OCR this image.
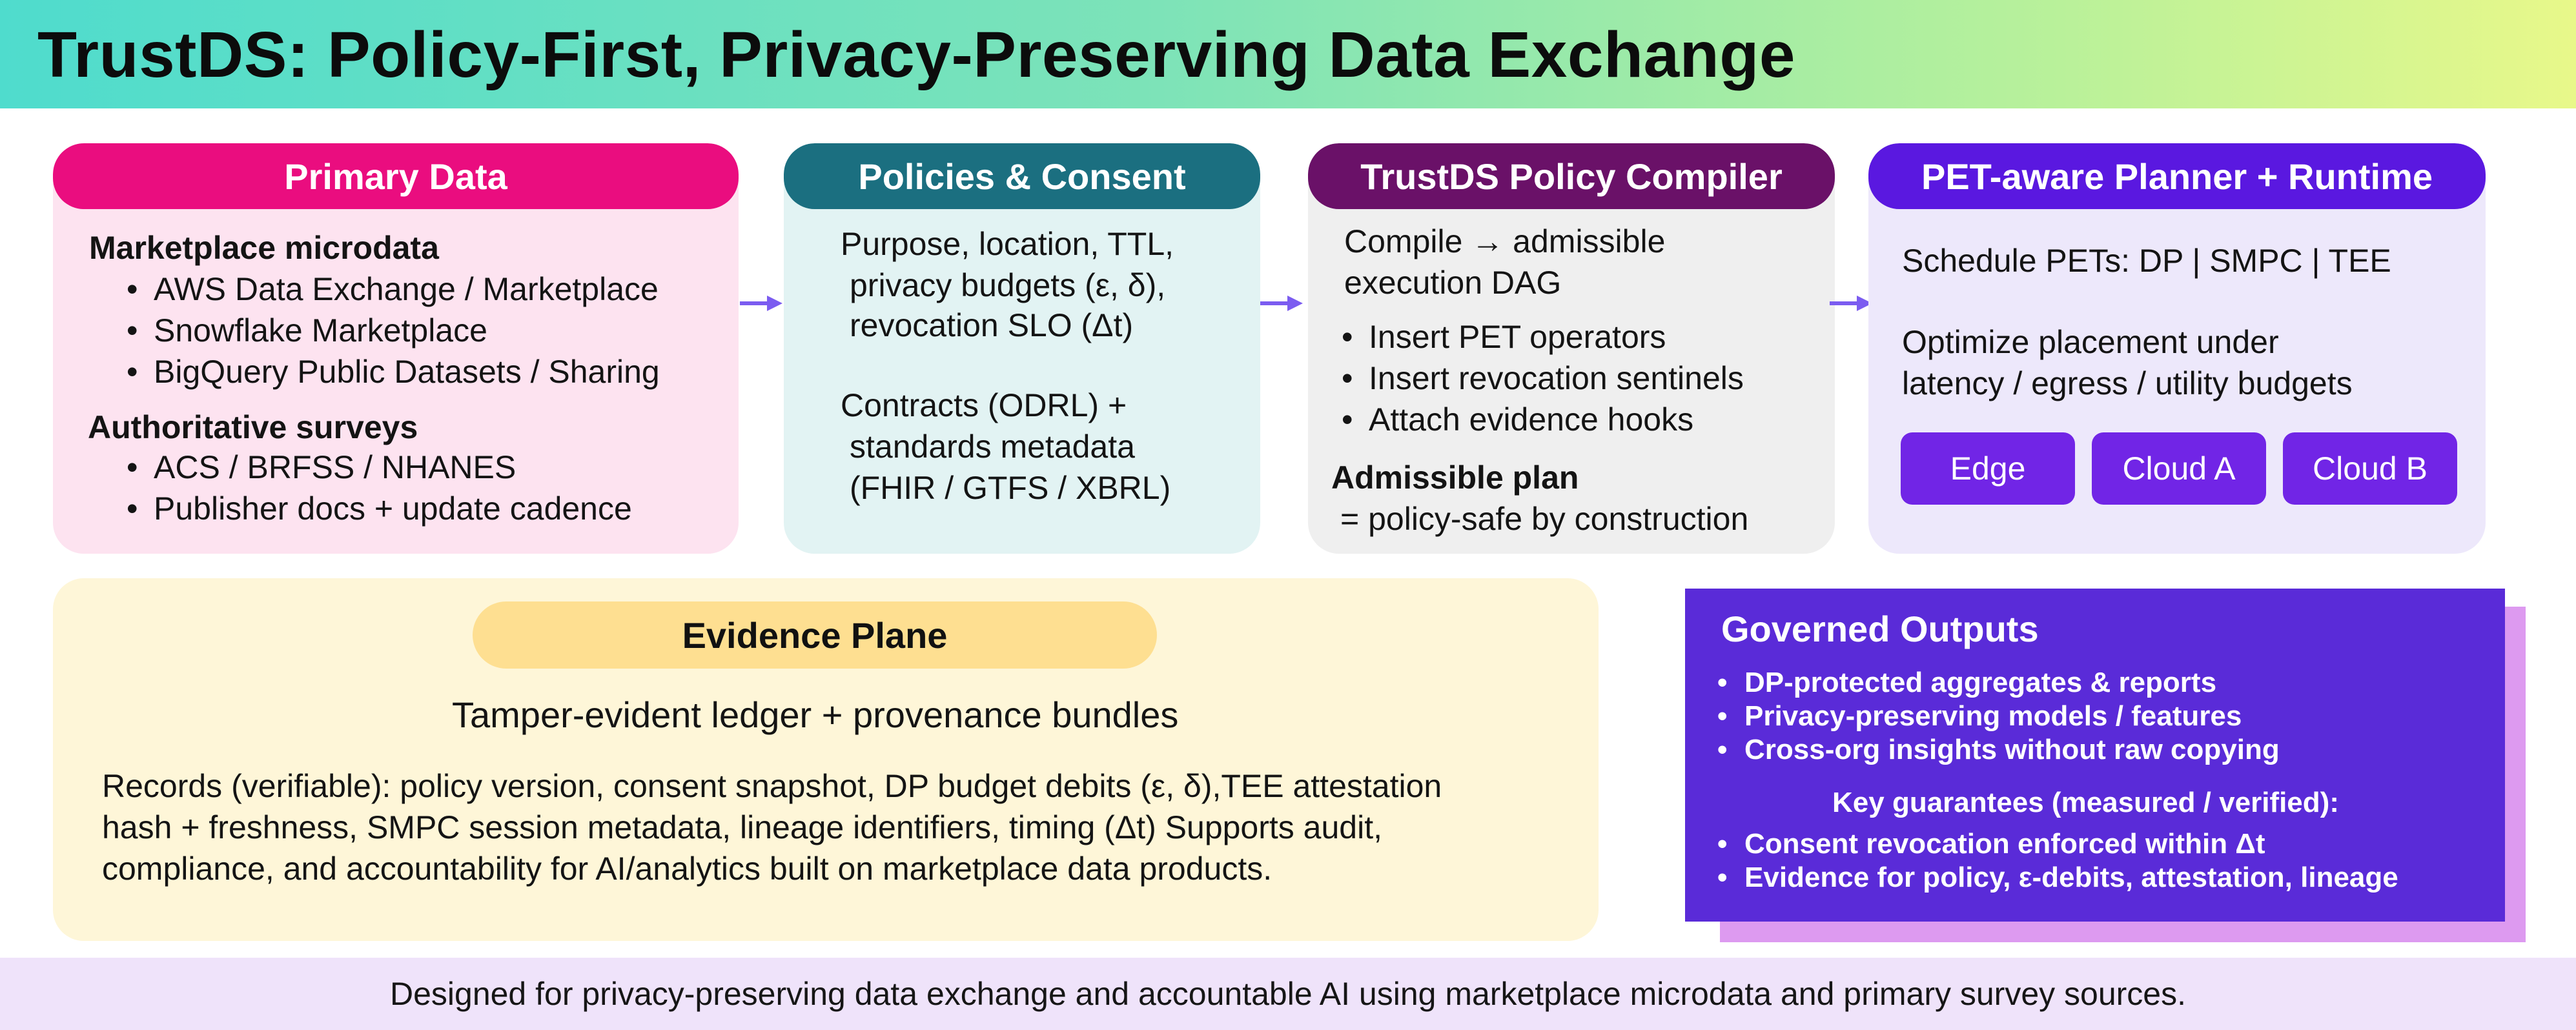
TrustDS: Policy-First, Privacy-Preserving Data Exchange
Primary Data
Marketplace microdata
• AWS Data Exchange / Marketplace
• Snowflake Marketplace
• BigQuery Public Datasets / Sharing
Authoritative surveys
• ACS / BRFSS / NHANES
• Publisher docs + update cadence
Policies & Consent
Purpose, location, TTL,
privacy budgets (ε, δ),
revocation SLO (Δt)
Contracts (ODRL) +
standards metadata
(FHIR / GTFS / XBRL)
TrustDS Policy Compiler
Compile → admissible
execution DAG
• Insert PET operators
• Insert revocation sentinels
• Attach evidence hooks
Admissible plan
= policy-safe by construction
PET-aware Planner + Runtime
Schedule PETs: DP | SMPC | TEE
Optimize placement under
latency / egress / utility budgets
Edge	Cloud A	Cloud B
Evidence Plane
Tamper-evident ledger + provenance bundles
Records (verifiable): policy version, consent snapshot, DP budget debits (ε, δ),TEE attestation
hash + freshness, SMPC session metadata, lineage identifiers, timing (Δt) Supports audit,
compliance, and accountability for AI/analytics built on marketplace data products.
Governed Outputs
• DP-protected aggregates & reports
• Privacy-preserving models / features
• Cross-org insights without raw copying
Key guarantees (measured / verified):
• Consent revocation enforced within Δt
• Evidence for policy, ε-debits, attestation, lineage
Designed for privacy-preserving data exchange and accountable AI using marketplace microdata and primary survey sources.
